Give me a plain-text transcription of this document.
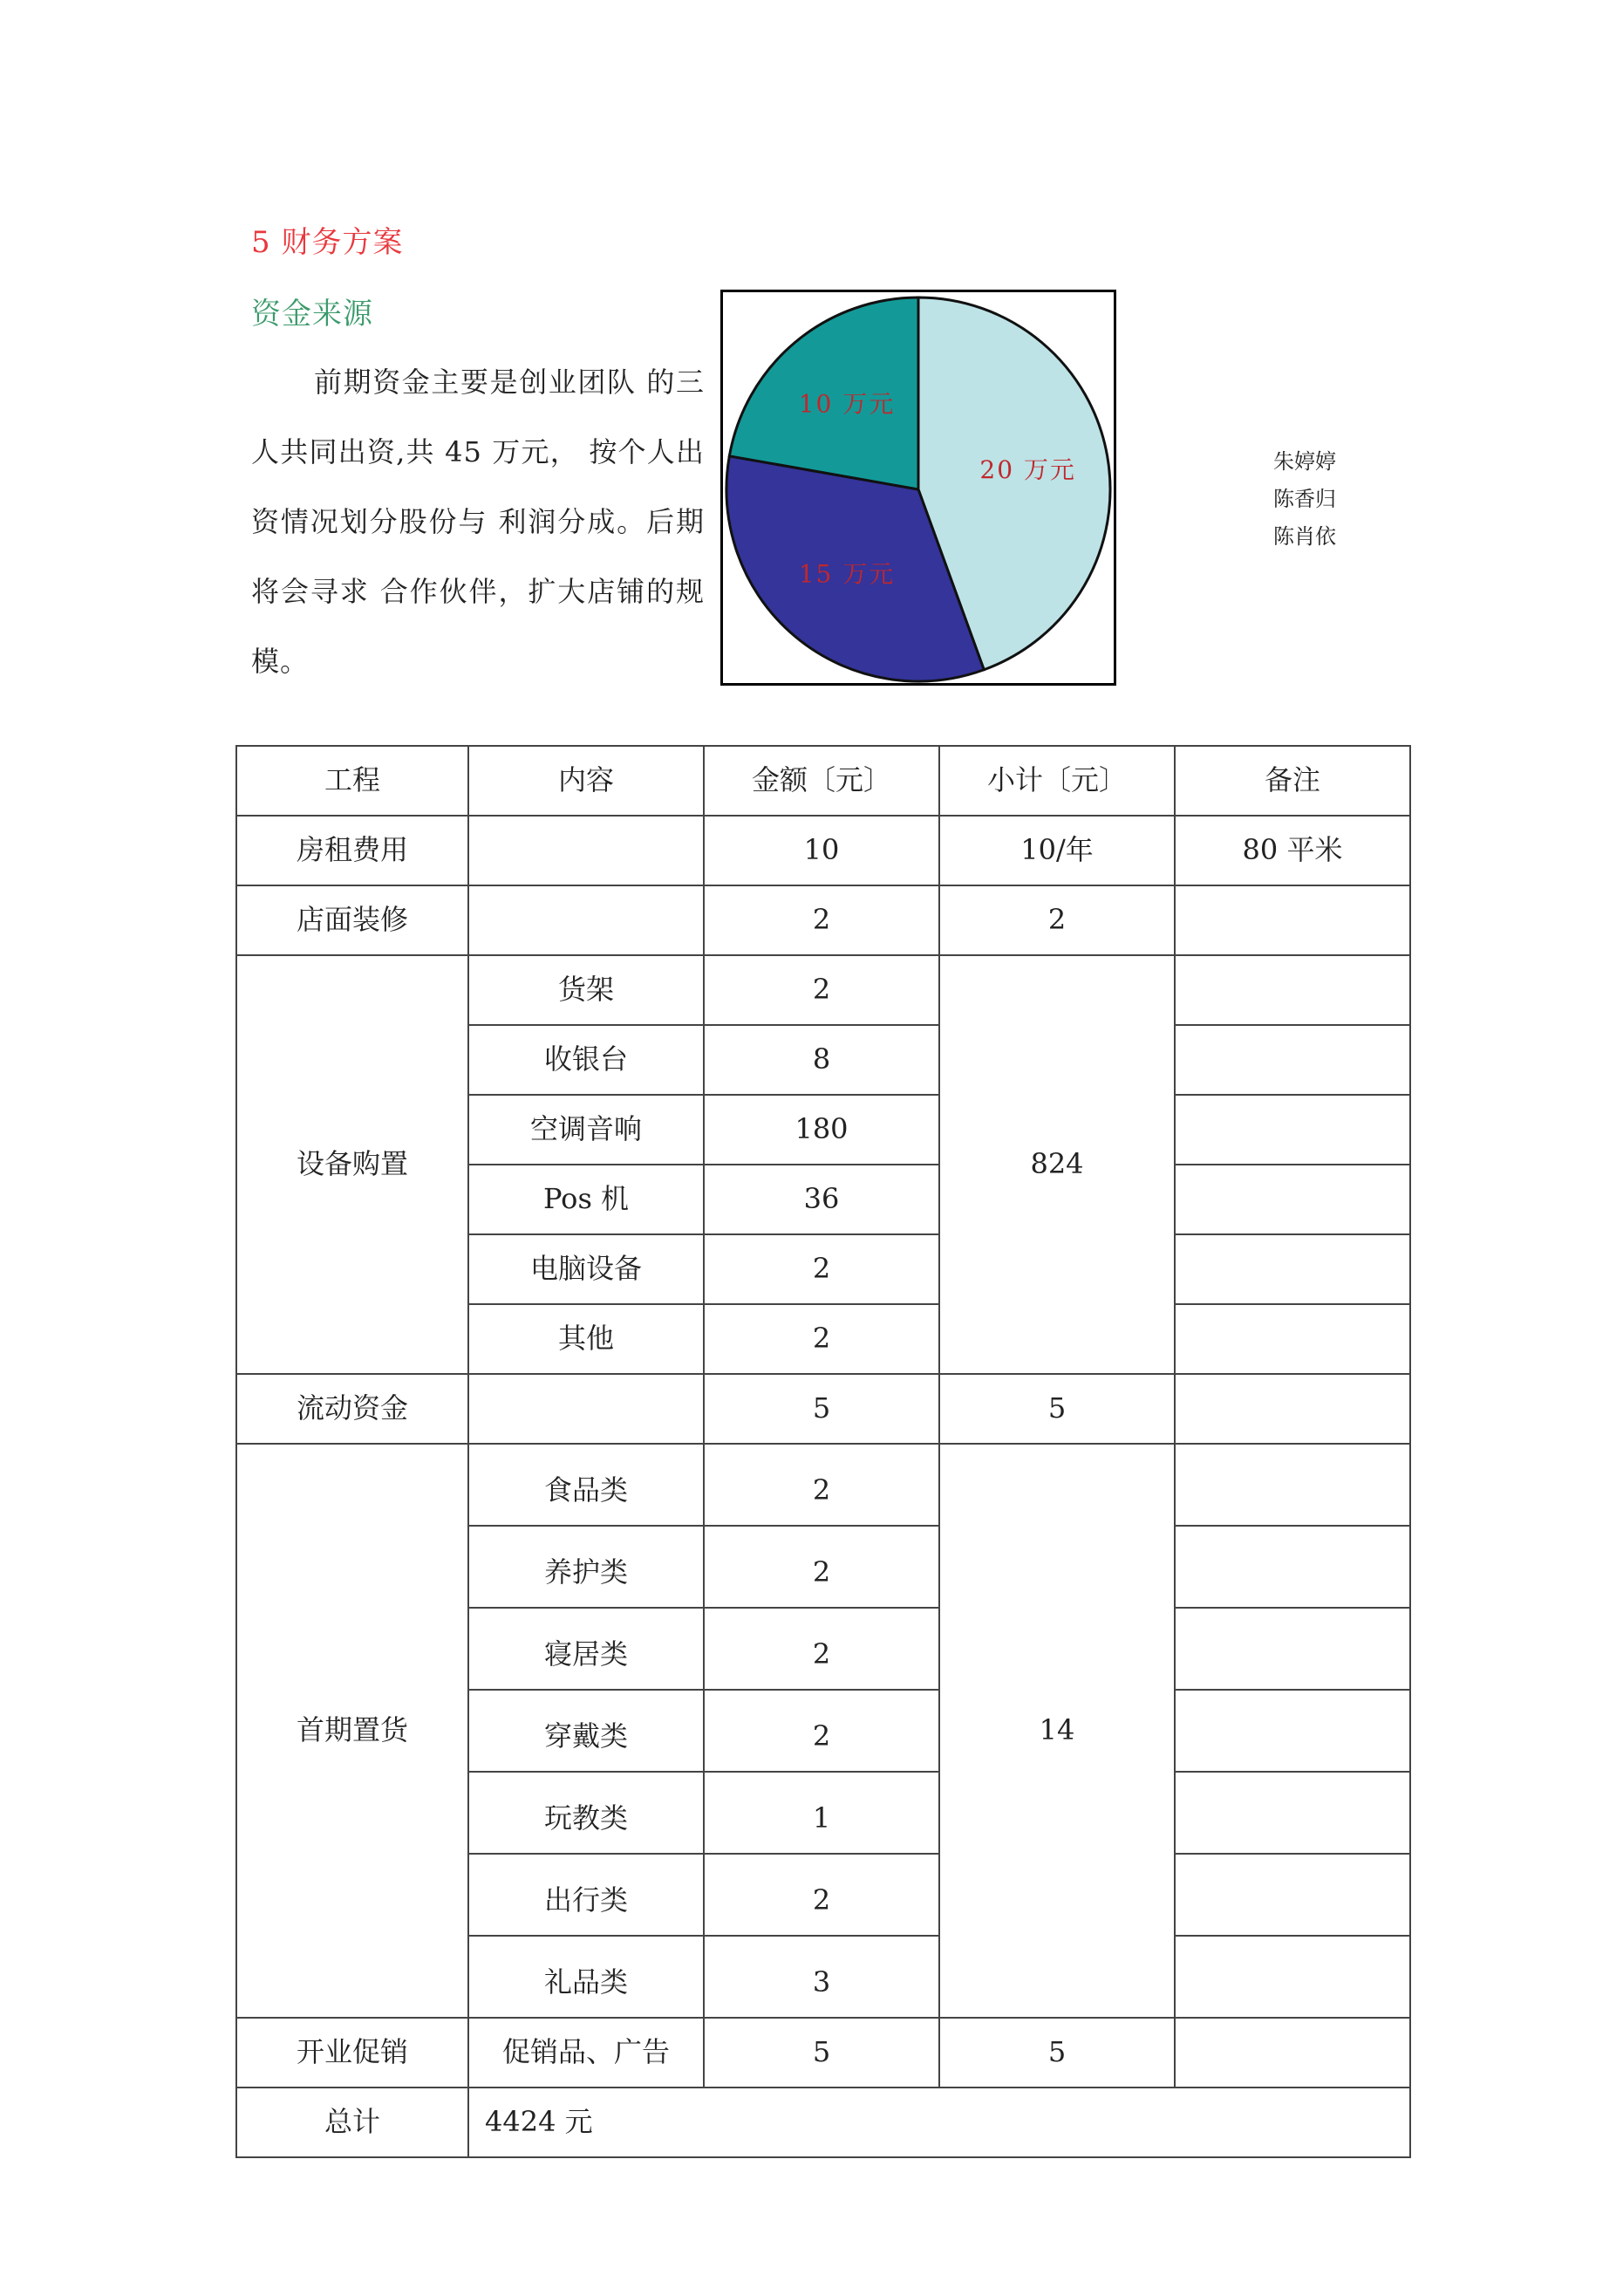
5 财务方案
资金来源

前期资金主要是创业团队 的三人共同出资,共 45 万元， 按个人出资情况划分股份与 利润分成。后期将会寻求 合作伙伴，扩大店铺的规模。

20 万元
15 万元
10 万元
朱婷婷
陈香归
陈肖依
工程	内容	金额〔元〕	小计〔元〕	备注
房租费用		10	10/年	80 平米
店面装修		2	2	
设备购置	货架	2	824	
	收银台	8		
	空调音响	180		
	Pos 机	36		
	电脑设备	2		
	其他	2		
流动资金		5	5	
首期置货	食品类	2	14	
	养护类	2		
	寝居类	2		
	穿戴类	2		
	玩教类	1		
	出行类	2		
	礼品类	3		
开业促销	促销品、广告	5	5	
总计	4424 元			
